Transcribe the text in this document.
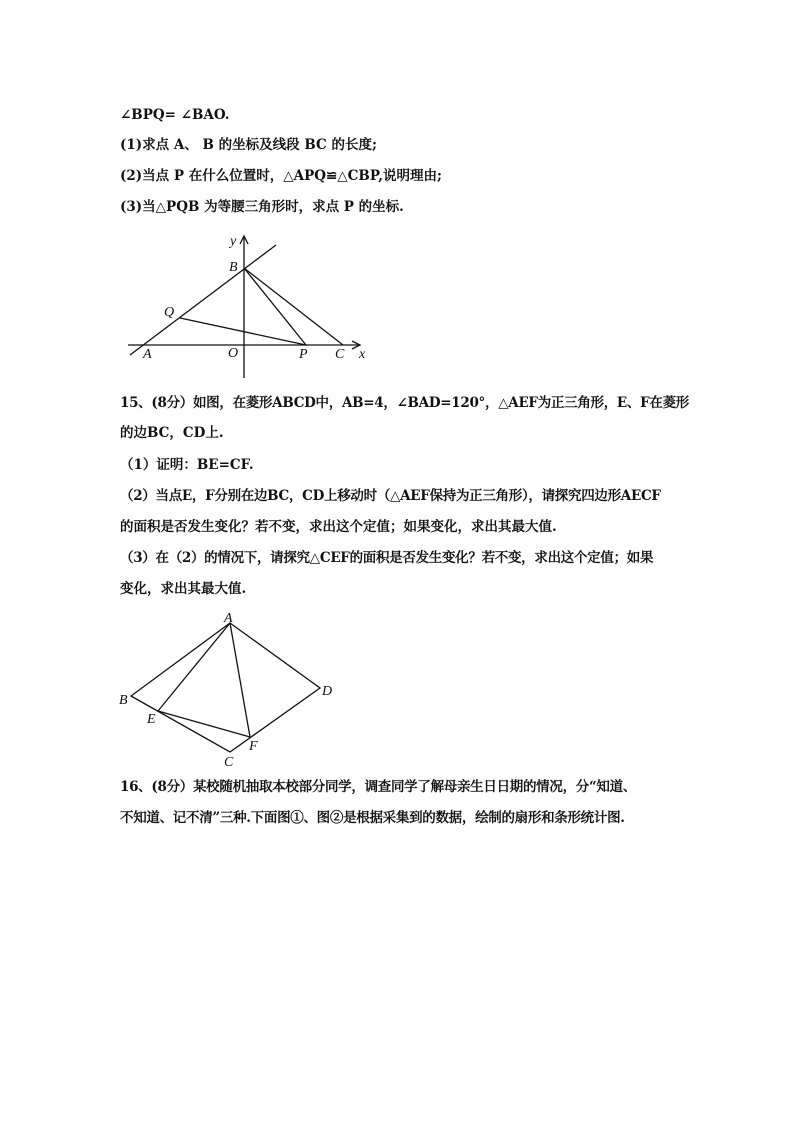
∠BPQ= ∠BAO.
(1)求点 A、 B 的坐标及线段 BC 的长度;
(2)当点 P 在什么位置时，△APQ≌△CBP,说明理由;
(3)当△PQB 为等腰三角形时，求点 P 的坐标.
y
B
Q
A	O	P C x
15、(8分）如图，在菱形ABCD中，AB=4，∠BAD=120°，△AEF为正三角形，E、F在菱形
的边BC，CD上.
（1）证明：BE=CF.
（2）当点E，F分别在边BC，CD上移动时（△AEF保持为正三角形），请探究四边形AECF
的面积是否发生变化？若不变，求出这个定值；如果变化，求出其最大值.
（3）在（2）的情况下，请探究△CEF的面积是否发生变化？若不变，求出这个定值；如果
变化，求出其最大值.
A
B
E
C
F
D
16、(8分）某校随机抽取本校部分同学，调查同学了解母亲生日日期的情况，分“知道、
不知道、记不清”三种.下面图①、图②是根据采集到的数据，绘制的扇形和条形统计图.
